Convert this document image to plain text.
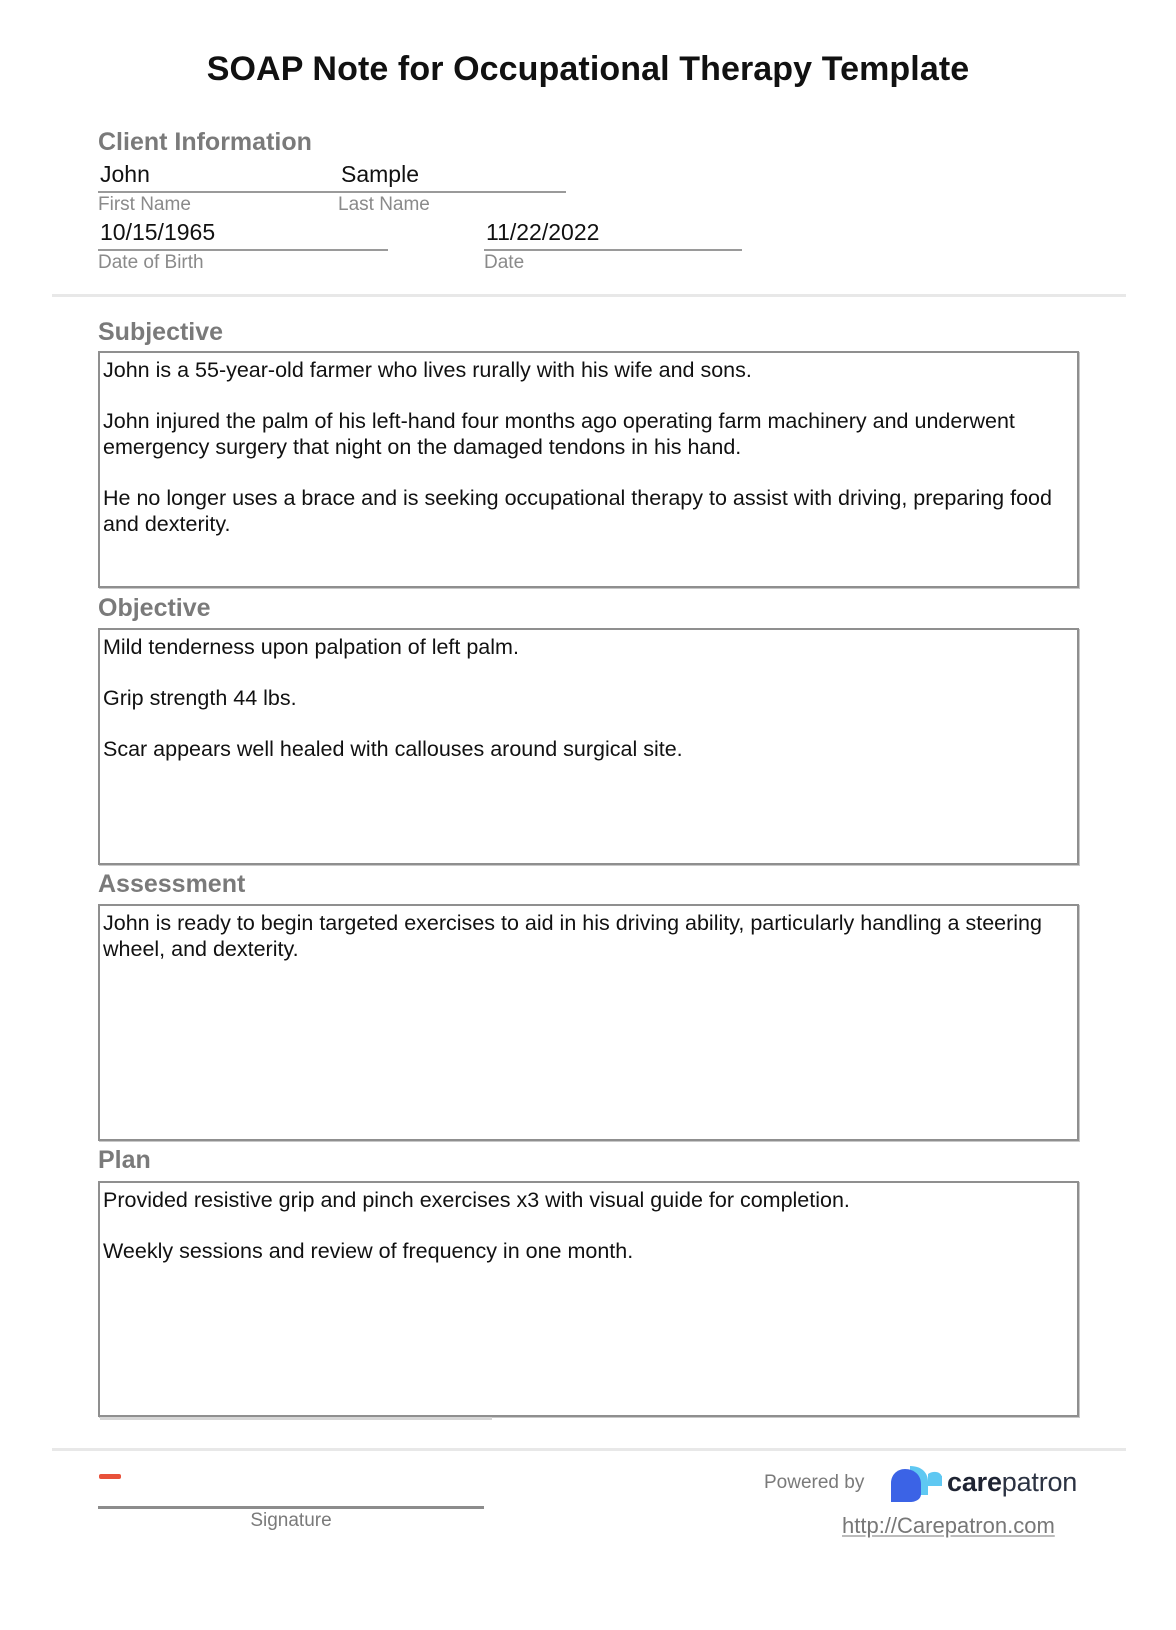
SOAP Note for Occupational Therapy Template
Client Information
John	Sample
First Name	Last Name
10/15/1965
Date of Birth
11/22/2022
Date
Subjective

John is a 55-year-old farmer who lives rurally with his wife and sons.

John injured the palm of his left-hand four months ago operating farm machinery and underwent emergency surgery that night on the damaged tendons in his hand.

He no longer uses a brace and is seeking occupational therapy to assist with driving, preparing food and dexterity.

Objective

Mild tenderness upon palpation of left palm.

Grip strength 44 lbs.

Scar appears well healed with callouses around surgical site.

Assessment

John is ready to begin targeted exercises to aid in his driving ability, particularly handling a steering wheel, and dexterity.

Plan

Provided resistive grip and pinch exercises x3 with visual guide for completion.

Weekly sessions and review of frequency in one month.

Signature
Powered by	carepatron
http://Carepatron.com
